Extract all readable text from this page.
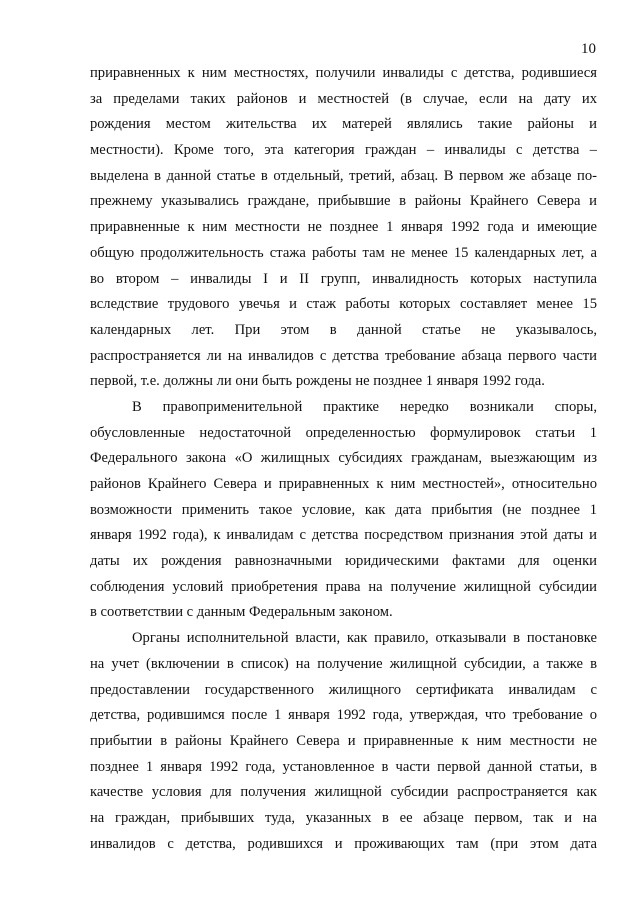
10
приравненных к ним местностях, получили инвалиды с детства, родившиеся
за пределами таких районов и местностей (в случае, если на дату их
рождения местом жительства их матерей являлись такие районы и
местности). Кроме того, эта категория граждан – инвалиды с детства –
выделена в данной статье в отдельный, третий, абзац. В первом же абзаце по-
прежнему указывались граждане, прибывшие в районы Крайнего Севера и
приравненные к ним местности не позднее 1 января 1992 года и имеющие
общую продолжительность стажа работы там не менее 15 календарных лет, а
во втором – инвалиды I и II групп, инвалидность которых наступила
вследствие трудового увечья и стаж работы которых составляет менее 15
календарных лет. При этом в данной статье не указывалось,
распространяется ли на инвалидов с детства требование абзаца первого части
первой, т.е. должны ли они быть рождены не позднее 1 января 1992 года.
В правоприменительной практике нередко возникали споры,
обусловленные недостаточной определенностью формулировок статьи 1
Федерального закона «О жилищных субсидиях гражданам, выезжающим из
районов Крайнего Севера и приравненных к ним местностей», относительно
возможности применить такое условие, как дата прибытия (не позднее 1
января 1992 года), к инвалидам с детства посредством признания этой даты и
даты их рождения равнозначными юридическими фактами для оценки
соблюдения условий приобретения права на получение жилищной субсидии
в соответствии с данным Федеральным законом.
Органы исполнительной власти, как правило, отказывали в постановке
на учет (включении в список) на получение жилищной субсидии, а также в
предоставлении государственного жилищного сертификата инвалидам с
детства, родившимся после 1 января 1992 года, утверждая, что требование о
прибытии в районы Крайнего Севера и приравненные к ним местности не
позднее 1 января 1992 года, установленное в части первой данной статьи, в
качестве условия для получения жилищной субсидии распространяется как
на граждан, прибывших туда, указанных в ее абзаце первом, так и на
инвалидов с детства, родившихся и проживающих там (при этом дата
